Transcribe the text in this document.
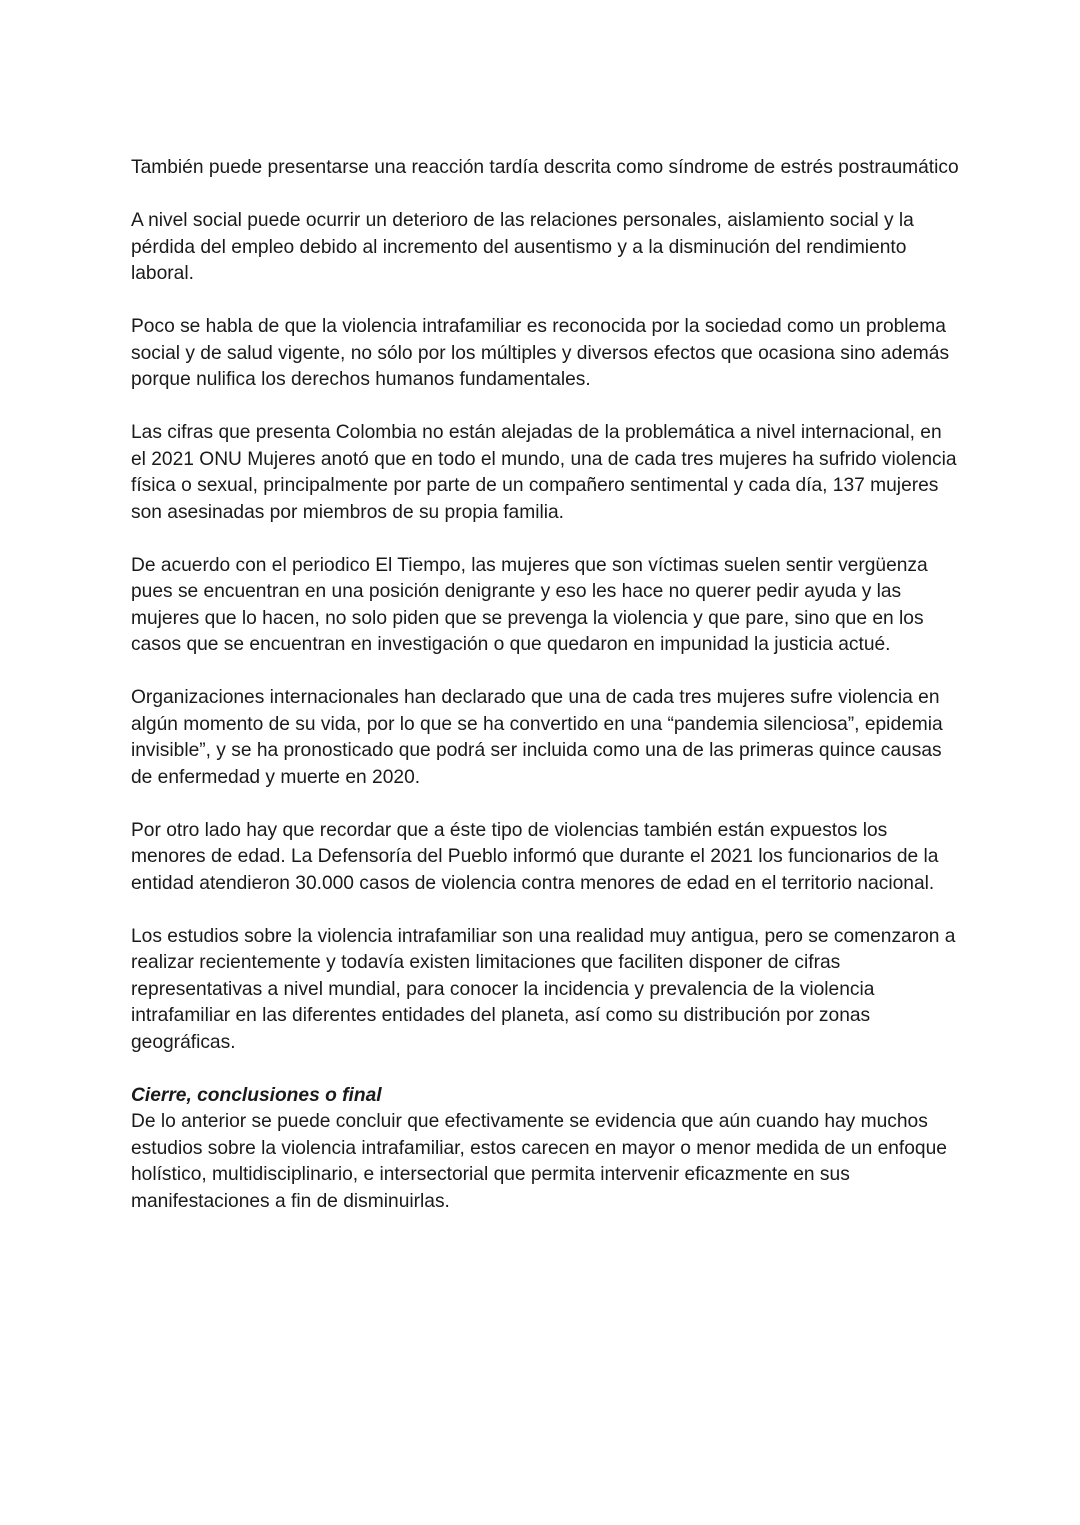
También puede presentarse una reacción tardía descrita como síndrome de estrés postraumático

A nivel social puede ocurrir un deterioro de las relaciones personales, aislamiento social y la pérdida del empleo debido al incremento del ausentismo y a la disminución del rendimiento laboral.

Poco se habla de que la violencia intrafamiliar es reconocida por la sociedad como un problema social y de salud vigente, no sólo por los múltiples y diversos efectos que ocasiona sino además porque nulifica los derechos humanos fundamentales.

Las cifras que presenta Colombia no están alejadas de la problemática a nivel internacional, en el 2021 ONU Mujeres anotó que en todo el mundo, una de cada tres mujeres ha sufrido violencia física o sexual, principalmente por parte de un compañero sentimental y cada día, 137 mujeres son asesinadas por miembros de su propia familia.

De acuerdo con el periodico El Tiempo, las mujeres que son víctimas suelen sentir vergüenza pues se encuentran en una posición denigrante y eso les hace no querer pedir ayuda y las mujeres que lo hacen, no solo piden que se prevenga la violencia y que pare, sino que en los casos que se encuentran en investigación o que quedaron en impunidad la justicia actué.

Organizaciones internacionales han declarado que una de cada tres mujeres sufre violencia en algún momento de su vida, por lo que se ha convertido en una “pandemia silenciosa”, epidemia invisible”, y se ha pronosticado que podrá ser incluida como una de las primeras quince causas de enfermedad y muerte en 2020.

Por otro lado hay que recordar que a éste tipo de violencias también están expuestos los menores de edad. La Defensoría del Pueblo informó que durante el 2021 los funcionarios de la entidad atendieron 30.000 casos de violencia contra menores de edad en el territorio nacional.

Los estudios sobre la violencia intrafamiliar son una realidad muy antigua, pero se comenzaron a realizar recientemente y todavía existen limitaciones que faciliten disponer de cifras representativas a nivel mundial, para conocer la incidencia y prevalencia de la violencia intrafamiliar en las diferentes entidades del planeta, así como su distribución por zonas geográficas.

Cierre, conclusiones o final

De lo anterior se puede concluir que efectivamente se evidencia que aún cuando hay muchos estudios sobre la violencia intrafamiliar, estos carecen en mayor o menor medida de un enfoque holístico, multidisciplinario, e intersectorial que permita intervenir eficazmente en sus manifestaciones a fin de disminuirlas.
